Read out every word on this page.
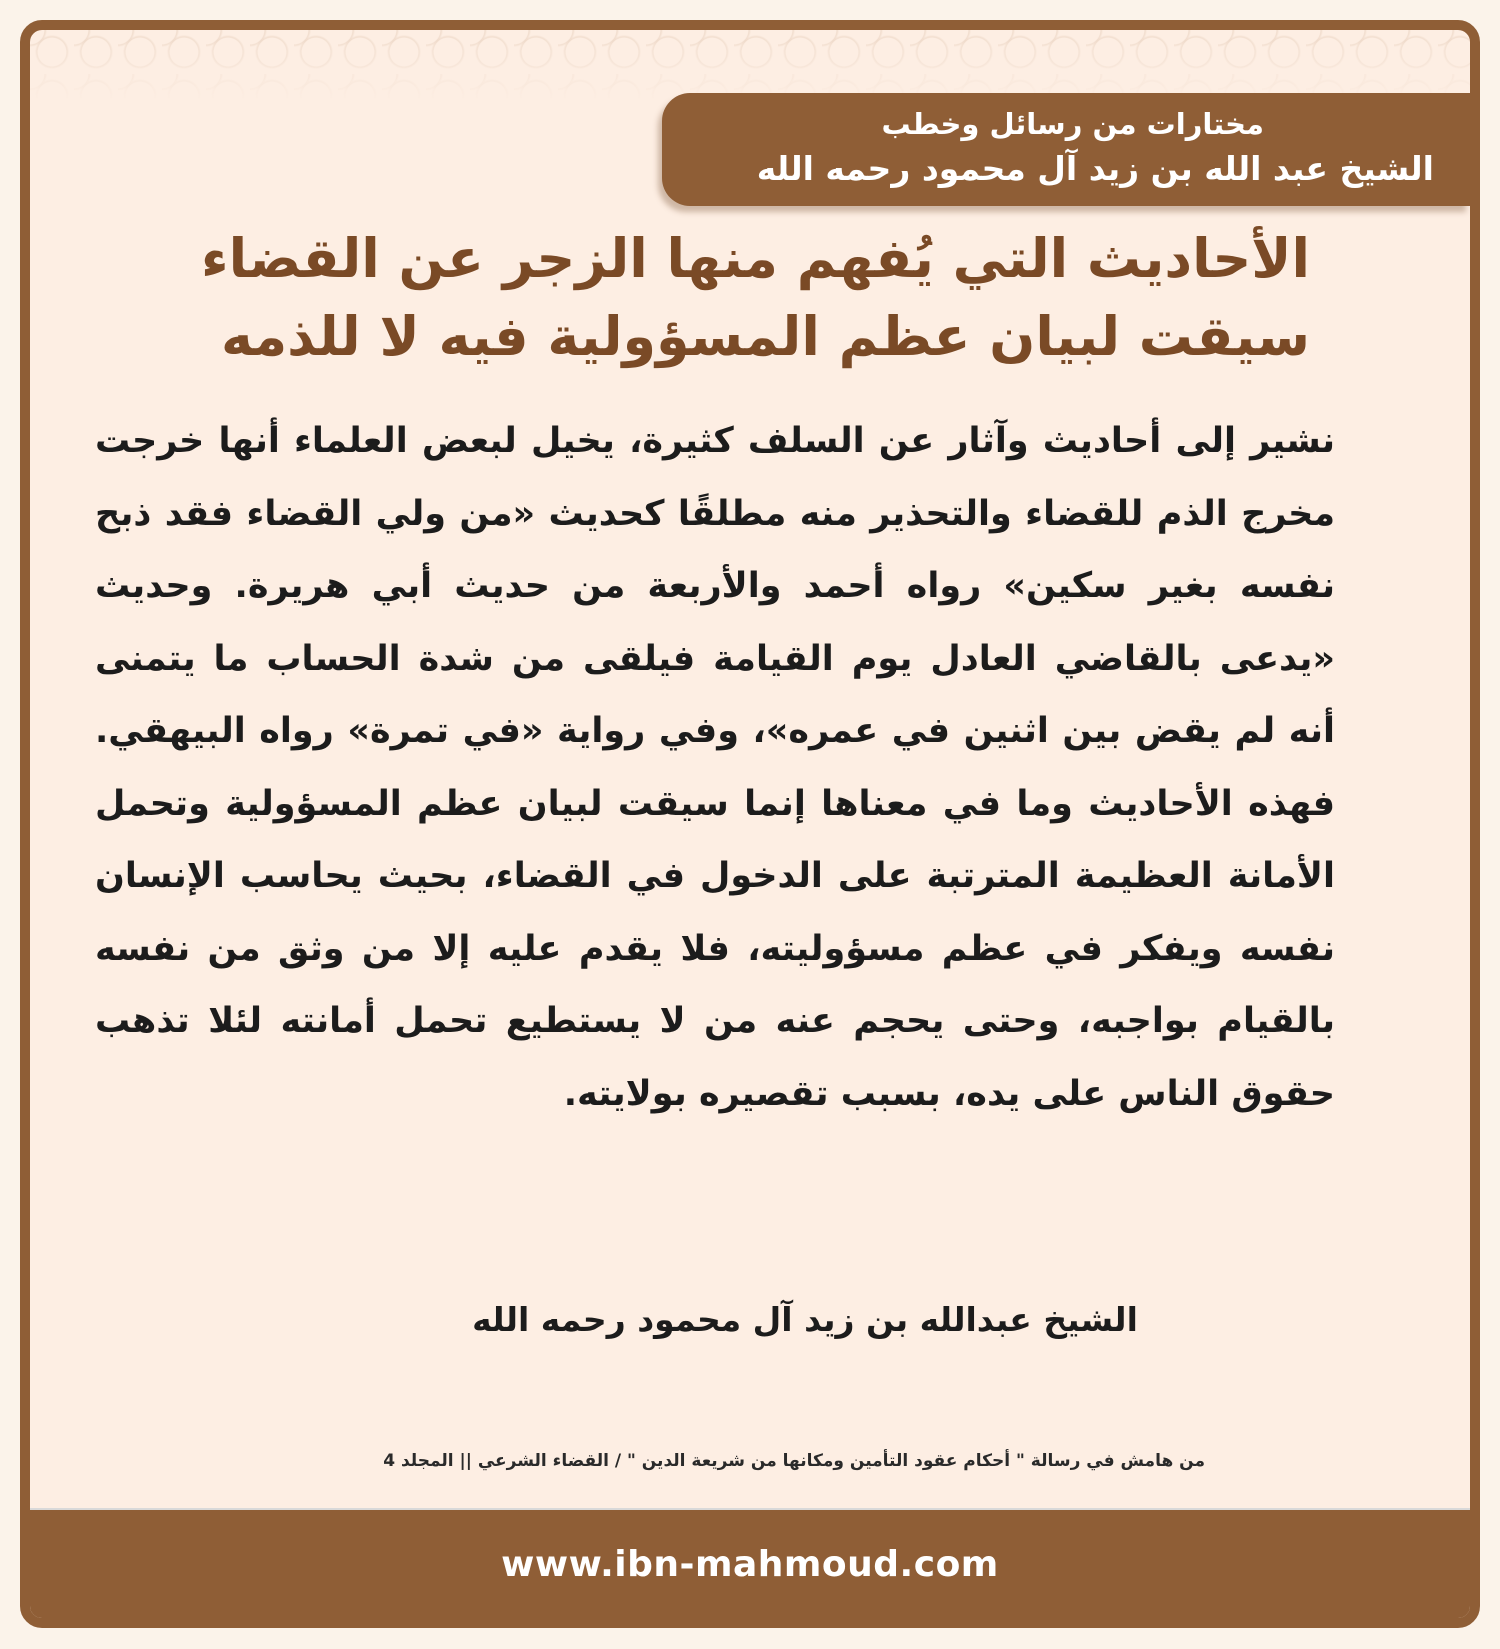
مختارات من رسائل وخطب
الشيخ عبد الله بن زيد آل محمود رحمه الله
الأحاديث التي يُفهم منها الزجر عن القضاء
سيقت لبيان عظم المسؤولية فيه لا للذمه
نشير إلى أحاديث وآثار عن السلف كثيرة، يخيل لبعض العلماء أنها خرجت مخرج الذم للقضاء والتحذير منه مطلقًا كحديث «من ولي القضاء فقد ذبح نفسه بغير سكين» رواه أحمد والأربعة من حديث أبي هريرة. وحديث «يدعى بالقاضي العادل يوم القيامة فيلقى من شدة الحساب ما يتمنى أنه لم يقض بين اثنين في عمره»، وفي رواية «في تمرة» رواه البيهقي. فهذه الأحاديث وما في معناها إنما سيقت لبيان عظم المسؤولية وتحمل الأمانة العظيمة المترتبة على الدخول في القضاء، بحيث يحاسب الإنسان نفسه ويفكر في عظم مسؤوليته، فلا يقدم عليه إلا من وثق من نفسه بالقيام بواجبه، وحتى يحجم عنه من لا يستطيع تحمل أمانته لئلا تذهب حقوق الناس على يده، بسبب تقصيره بولايته.
الشيخ عبدالله بن زيد آل محمود رحمه الله
من هامش في رسالة " أحكام عقود التأمين ومكانها من شريعة الدين " / القضاء الشرعي || المجلد 4
www.ibn-mahmoud.com
